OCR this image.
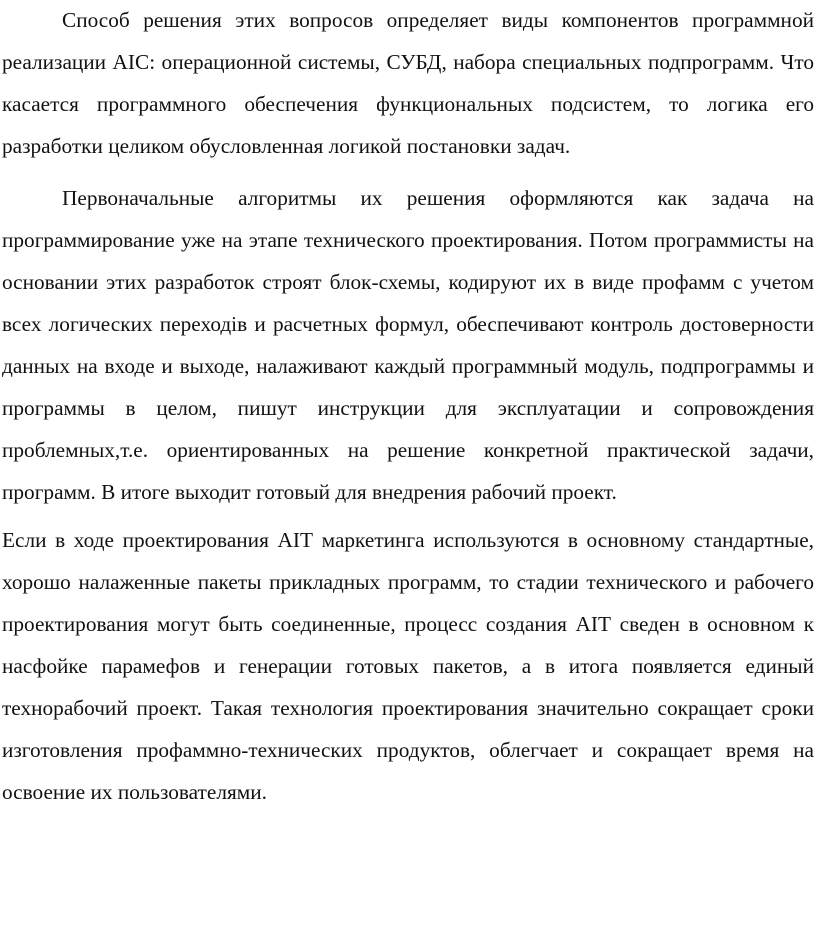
Способ решения этих вопросов определяет виды компонентов программной реализации АІС: операционной системы, СУБД, набора специальных подпрограмм. Что касается программного обеспечения функциональных подсистем, то логика его разработки целиком обусловленная логикой постановки задач.

Первоначальные алгоритмы их решения оформляются как задача на программирование уже на этапе технического проектирования. Потом программисты на основании этих разработок строят блок-схемы, кодируют их в виде профамм с учетом всех логических переходів и расчетных формул, обеспечивают контроль достоверности данных на входе и выходе, налаживают каждый программный модуль, подпрограммы и программы в целом, пишут инструкции для эксплуатации и сопровождения проблемных,т.е. ориентированных на решение конкретной практической задачи, программ. В итоге выходит готовый для внедрения рабочий проект.

Если в ходе проектирования АІТ маркетинга используются в основному стандартные, хорошо налаженные пакеты прикладных программ, то стадии технического и рабочего проектирования могут быть соединенные, процесс создания АІТ сведен в основном к насфойке парамефов и генерации готовых пакетов, а в итога появляется единый технорабочий проект. Такая технология проектирования значительно сокращает сроки изготовления профаммно-технических продуктов, облегчает и сокращает время на освоение их пользователями.
